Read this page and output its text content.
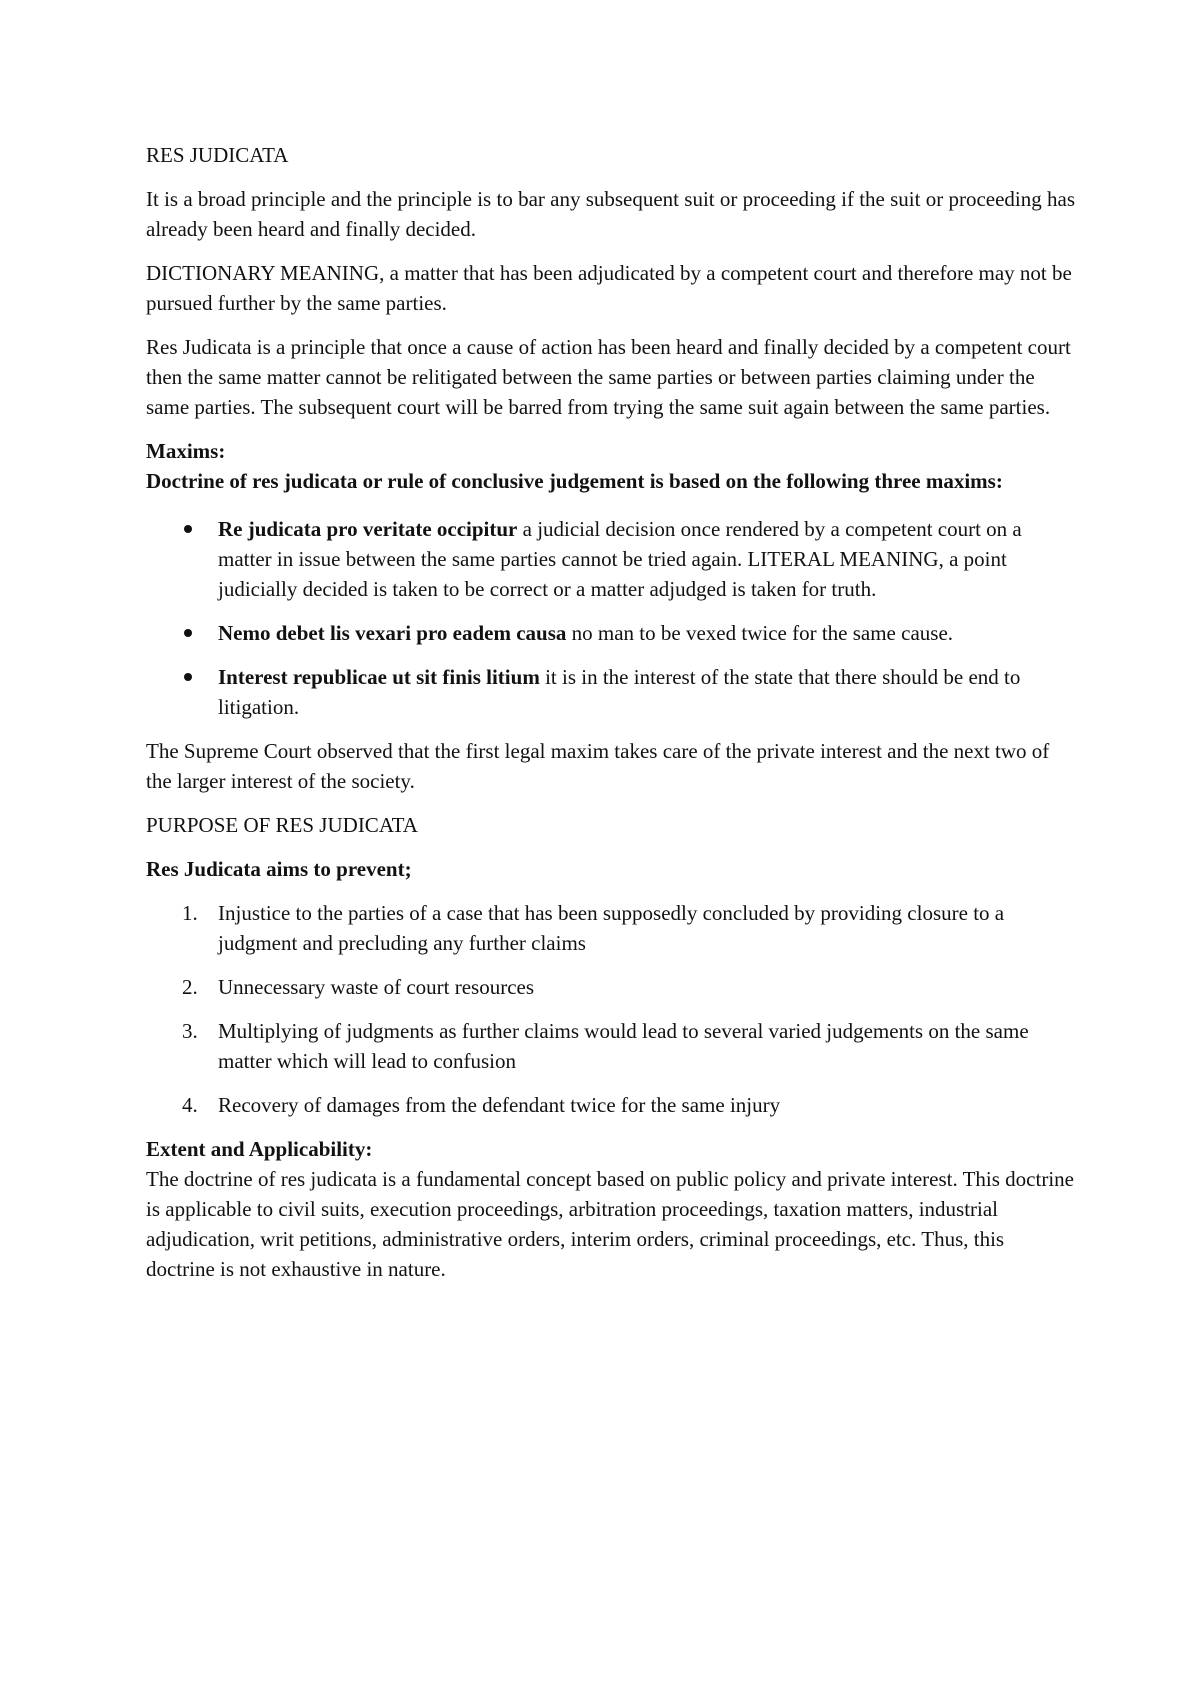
RES JUDICATA

It is a broad principle and the principle is to bar any subsequent suit or proceeding if the suit or proceeding has already been heard and finally decided.

DICTIONARY MEANING, a matter that has been adjudicated by a competent court and therefore may not be pursued further by the same parties.

Res Judicata is a principle that once a cause of action has been heard and finally decided by a competent court then the same matter cannot be relitigated between the same parties or between parties claiming under the same parties. The subsequent court will be barred from trying the same suit again between the same parties.

Maxims:
Doctrine of res judicata or rule of conclusive judgement is based on the following three maxims:
Re judicata pro veritate occipitur a judicial decision once rendered by a competent court on a matter in issue between the same parties cannot be tried again. LITERAL MEANING, a point judicially decided is taken to be correct or a matter adjudged is taken for truth.
Nemo debet lis vexari pro eadem causa no man to be vexed twice for the same cause.
Interest republicae ut sit finis litium it is in the interest of the state that there should be end to litigation.

The Supreme Court observed that the first legal maxim takes care of the private interest and the next two of the larger interest of the society.

PURPOSE OF RES JUDICATA

Res Judicata aims to prevent;

1. Injustice to the parties of a case that has been supposedly concluded by providing closure to a judgment and precluding any further claims
2. Unnecessary waste of court resources
3. Multiplying of judgments as further claims would lead to several varied judgements on the same matter which will lead to confusion
4. Recovery of damages from the defendant twice for the same injury
Extent and Applicability:
The doctrine of res judicata is a fundamental concept based on public policy and private interest. This doctrine is applicable to civil suits, execution proceedings, arbitration proceedings, taxation matters, industrial adjudication, writ petitions, administrative orders, interim orders, criminal proceedings, etc. Thus, this doctrine is not exhaustive in nature.
